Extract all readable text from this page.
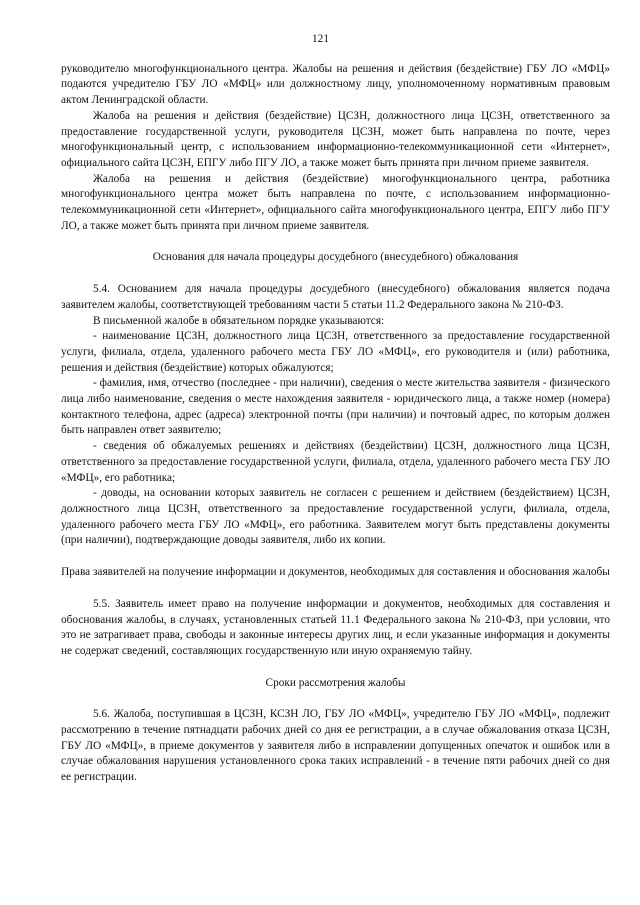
121

руководителю многофункционального центра. Жалобы на решения и действия (бездействие) ГБУ ЛО «МФЦ» подаются учредителю ГБУ ЛО «МФЦ» или должностному лицу, уполномоченному нормативным правовым актом Ленинградской области.

Жалоба на решения и действия (бездействие) ЦСЗН, должностного лица ЦСЗН, ответственного за предоставление государственной услуги, руководителя ЦСЗН, может быть направлена по почте, через многофункциональный центр, с использованием информационно-телекоммуникационной сети «Интернет», официального сайта ЦСЗН, ЕПГУ либо ПГУ ЛО, а также может быть принята при личном приеме заявителя.

Жалоба на решения и действия (бездействие) многофункционального центра, работника многофункционального центра может быть направлена по почте, с использованием информационно-телекоммуникационной сети «Интернет», официального сайта многофункционального центра, ЕПГУ либо ПГУ ЛО, а также может быть принята при личном приеме заявителя.

Основания для начала процедуры досудебного (внесудебного) обжалования

5.4. Основанием для начала процедуры досудебного (внесудебного) обжалования является подача заявителем жалобы, соответствующей требованиям части 5 статьи 11.2 Федерального закона № 210-ФЗ.

В письменной жалобе в обязательном порядке указываются:

- наименование ЦСЗН, должностного лица ЦСЗН, ответственного за предоставление государственной услуги, филиала, отдела, удаленного рабочего места ГБУ ЛО «МФЦ», его руководителя и (или) работника, решения и действия (бездействие) которых обжалуются;

- фамилия, имя, отчество (последнее - при наличии), сведения о месте жительства заявителя - физического лица либо наименование, сведения о месте нахождения заявителя - юридического лица, а также номер (номера) контактного телефона, адрес (адреса) электронной почты (при наличии) и почтовый адрес, по которым должен быть направлен ответ заявителю;

- сведения об обжалуемых решениях и действиях (бездействии) ЦСЗН, должностного лица ЦСЗН, ответственного за предоставление государственной услуги, филиала, отдела, удаленного рабочего места ГБУ ЛО «МФЦ», его работника;

- доводы, на основании которых заявитель не согласен с решением и действием (бездействием) ЦСЗН, должностного лица ЦСЗН, ответственного за предоставление государственной услуги, филиала, отдела, удаленного рабочего места ГБУ ЛО «МФЦ», его работника. Заявителем могут быть представлены документы (при наличии), подтверждающие доводы заявителя, либо их копии.

Права заявителей на получение информации и документов, необходимых для составления и обоснования жалобы

5.5. Заявитель имеет право на получение информации и документов, необходимых для составления и обоснования жалобы, в случаях, установленных статьей 11.1 Федерального закона № 210-ФЗ, при условии, что это не затрагивает права, свободы и законные интересы других лиц, и если указанные информация и документы не содержат сведений, составляющих государственную или иную охраняемую тайну.

Сроки рассмотрения жалобы

5.6. Жалоба, поступившая в ЦСЗН, КСЗН ЛО, ГБУ ЛО «МФЦ», учредителю ГБУ ЛО «МФЦ», подлежит рассмотрению в течение пятнадцати рабочих дней со дня ее регистрации, а в случае обжалования отказа ЦСЗН, ГБУ ЛО «МФЦ», в приеме документов у заявителя либо в исправлении допущенных опечаток и ошибок или в случае обжалования нарушения установленного срока таких исправлений - в течение пяти рабочих дней со дня ее регистрации.
